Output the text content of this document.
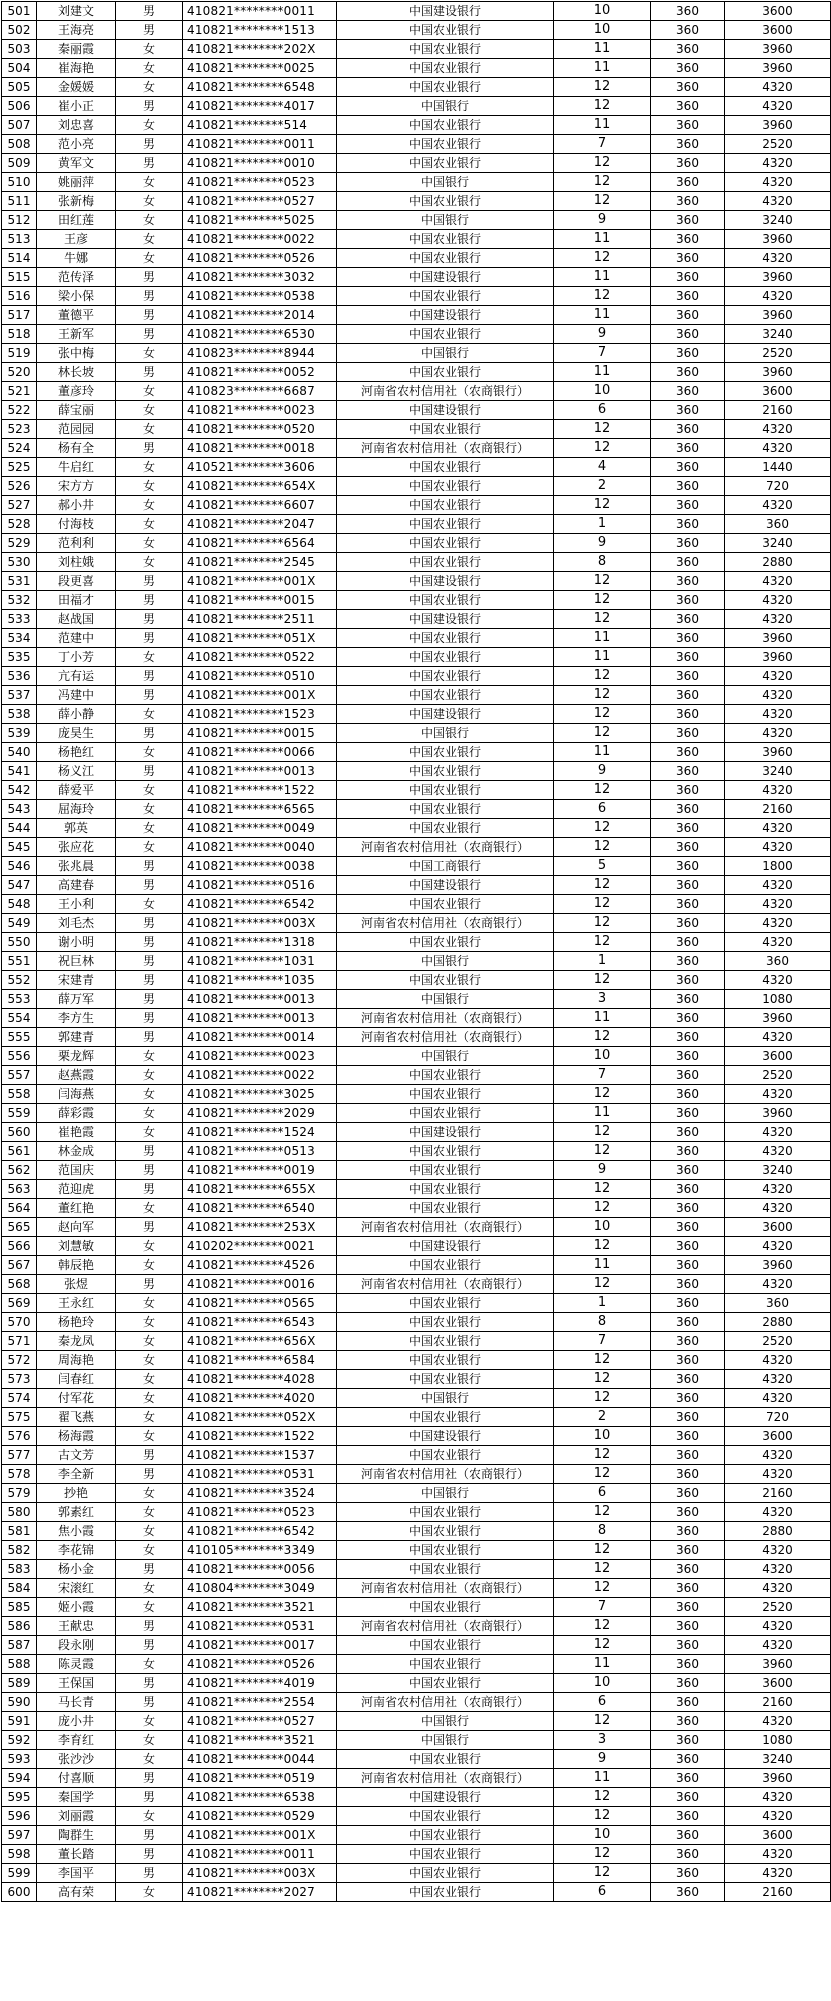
501	刘建文	男	410821********0011	中国建设银行	10	360	3600
502	王海亮	男	410821********1513	中国农业银行	10	360	3600
503	秦丽霞	女	410821********202X	中国农业银行	11	360	3960
504	崔海艳	女	410821********0025	中国农业银行	11	360	3960
505	金媛媛	女	410821********6548	中国农业银行	12	360	4320
506	崔小正	男	410821********4017	中国银行	12	360	4320
507	刘忠喜	女	410821********514	中国农业银行	11	360	3960
508	范小亮	男	410821********0011	中国农业银行	7	360	2520
509	黄军文	男	410821********0010	中国农业银行	12	360	4320
510	姚丽萍	女	410821********0523	中国银行	12	360	4320
511	张新梅	女	410821********0527	中国农业银行	12	360	4320
512	田红莲	女	410821********5025	中国银行	9	360	3240
513	王彦	女	410821********0022	中国农业银行	11	360	3960
514	牛娜	女	410821********0526	中国农业银行	12	360	4320
515	范传泽	男	410821********3032	中国建设银行	11	360	3960
516	梁小保	男	410821********0538	中国农业银行	12	360	4320
517	董德平	男	410821********2014	中国建设银行	11	360	3960
518	王新军	男	410821********6530	中国农业银行	9	360	3240
519	张中梅	女	410823********8944	中国银行	7	360	2520
520	林长坡	男	410821********0052	中国农业银行	11	360	3960
521	董彦玲	女	410823********6687	河南省农村信用社（农商银行）	10	360	3600
522	薛宝丽	女	410821********0023	中国建设银行	6	360	2160
523	范园园	女	410821********0520	中国农业银行	12	360	4320
524	杨有全	男	410821********0018	河南省农村信用社（农商银行）	12	360	4320
525	牛启红	女	410521********3606	中国农业银行	4	360	1440
526	宋方方	女	410821********654X	中国农业银行	2	360	720
527	郝小井	女	410821********6607	中国农业银行	12	360	4320
528	付海枝	女	410821********2047	中国农业银行	1	360	360
529	范利利	女	410821********6564	中国农业银行	9	360	3240
530	刘柱娥	女	410821********2545	中国农业银行	8	360	2880
531	段更喜	男	410821********001X	中国建设银行	12	360	4320
532	田福才	男	410821********0015	中国农业银行	12	360	4320
533	赵战国	男	410821********2511	中国建设银行	12	360	4320
534	范建中	男	410821********051X	中国农业银行	11	360	3960
535	丁小芳	女	410821********0522	中国农业银行	11	360	3960
536	亢有运	男	410821********0510	中国农业银行	12	360	4320
537	冯建中	男	410821********001X	中国农业银行	12	360	4320
538	薛小静	女	410821********1523	中国建设银行	12	360	4320
539	庞昊生	男	410821********0015	中国银行	12	360	4320
540	杨艳红	女	410821********0066	中国农业银行	11	360	3960
541	杨义江	男	410821********0013	中国农业银行	9	360	3240
542	薛爱平	女	410821********1522	中国农业银行	12	360	4320
543	屈海玲	女	410821********6565	中国农业银行	6	360	2160
544	郭英	女	410821********0049	中国农业银行	12	360	4320
545	张应花	女	410821********0040	河南省农村信用社（农商银行）	12	360	4320
546	张兆晨	男	410821********0038	中国工商银行	5	360	1800
547	高建春	男	410821********0516	中国建设银行	12	360	4320
548	王小利	女	410821********6542	中国农业银行	12	360	4320
549	刘毛杰	男	410821********003X	河南省农村信用社（农商银行）	12	360	4320
550	谢小明	男	410821********1318	中国农业银行	12	360	4320
551	祝巨林	男	410821********1031	中国银行	1	360	360
552	宋建青	男	410821********1035	中国农业银行	12	360	4320
553	薛万军	男	410821********0013	中国银行	3	360	1080
554	李方生	男	410821********0013	河南省农村信用社（农商银行）	11	360	3960
555	郭建青	男	410821********0014	河南省农村信用社（农商银行）	12	360	4320
556	栗龙辉	女	410821********0023	中国银行	10	360	3600
557	赵燕霞	女	410821********0022	中国农业银行	7	360	2520
558	闫海燕	女	410821********3025	中国农业银行	12	360	4320
559	薛彩霞	女	410821********2029	中国农业银行	11	360	3960
560	崔艳霞	女	410821********1524	中国建设银行	12	360	4320
561	林金成	男	410821********0513	中国农业银行	12	360	4320
562	范国庆	男	410821********0019	中国农业银行	9	360	3240
563	范迎虎	男	410821********655X	中国农业银行	12	360	4320
564	董红艳	女	410821********6540	中国农业银行	12	360	4320
565	赵向军	男	410821********253X	河南省农村信用社（农商银行）	10	360	3600
566	刘慧敏	女	410202********0021	中国建设银行	12	360	4320
567	韩辰艳	女	410821********4526	中国农业银行	11	360	3960
568	张煜	男	410821********0016	河南省农村信用社（农商银行）	12	360	4320
569	王永红	女	410821********0565	中国农业银行	1	360	360
570	杨艳玲	女	410821********6543	中国农业银行	8	360	2880
571	秦龙凤	女	410821********656X	中国农业银行	7	360	2520
572	周海艳	女	410821********6584	中国农业银行	12	360	4320
573	闫春红	女	410821********4028	中国农业银行	12	360	4320
574	付军花	女	410821********4020	中国银行	12	360	4320
575	翟飞燕	女	410821********052X	中国农业银行	2	360	720
576	杨海霞	女	410821********1522	中国建设银行	10	360	3600
577	古文芳	男	410821********1537	中国农业银行	12	360	4320
578	李全新	男	410821********0531	河南省农村信用社（农商银行）	12	360	4320
579	抄艳	女	410821********3524	中国银行	6	360	2160
580	郭素红	女	410821********0523	中国农业银行	12	360	4320
581	焦小霞	女	410821********6542	中国农业银行	8	360	2880
582	李花锦	女	410105********3349	中国农业银行	12	360	4320
583	杨小金	男	410821********0056	中国农业银行	12	360	4320
584	宋滚红	女	410804********3049	河南省农村信用社（农商银行）	12	360	4320
585	姬小霞	女	410821********3521	中国农业银行	7	360	2520
586	王献忠	男	410821********0531	河南省农村信用社（农商银行）	12	360	4320
587	段永刚	男	410821********0017	中国农业银行	12	360	4320
588	陈灵霞	女	410821********0526	中国农业银行	11	360	3960
589	王保国	男	410821********4019	中国农业银行	10	360	3600
590	马长青	男	410821********2554	河南省农村信用社（农商银行）	6	360	2160
591	庞小井	女	410821********0527	中国银行	12	360	4320
592	李育红	女	410821********3521	中国银行	3	360	1080
593	张沙沙	女	410821********0044	中国农业银行	9	360	3240
594	付喜顺	男	410821********0519	河南省农村信用社（农商银行）	11	360	3960
595	秦国学	男	410821********6538	中国建设银行	12	360	4320
596	刘丽霞	女	410821********0529	中国农业银行	12	360	4320
597	陶群生	男	410821********001X	中国农业银行	10	360	3600
598	董长踏	男	410821********0011	中国农业银行	12	360	4320
599	李国平	男	410821********003X	中国农业银行	12	360	4320
600	高有荣	女	410821********2027	中国农业银行	6	360	2160
